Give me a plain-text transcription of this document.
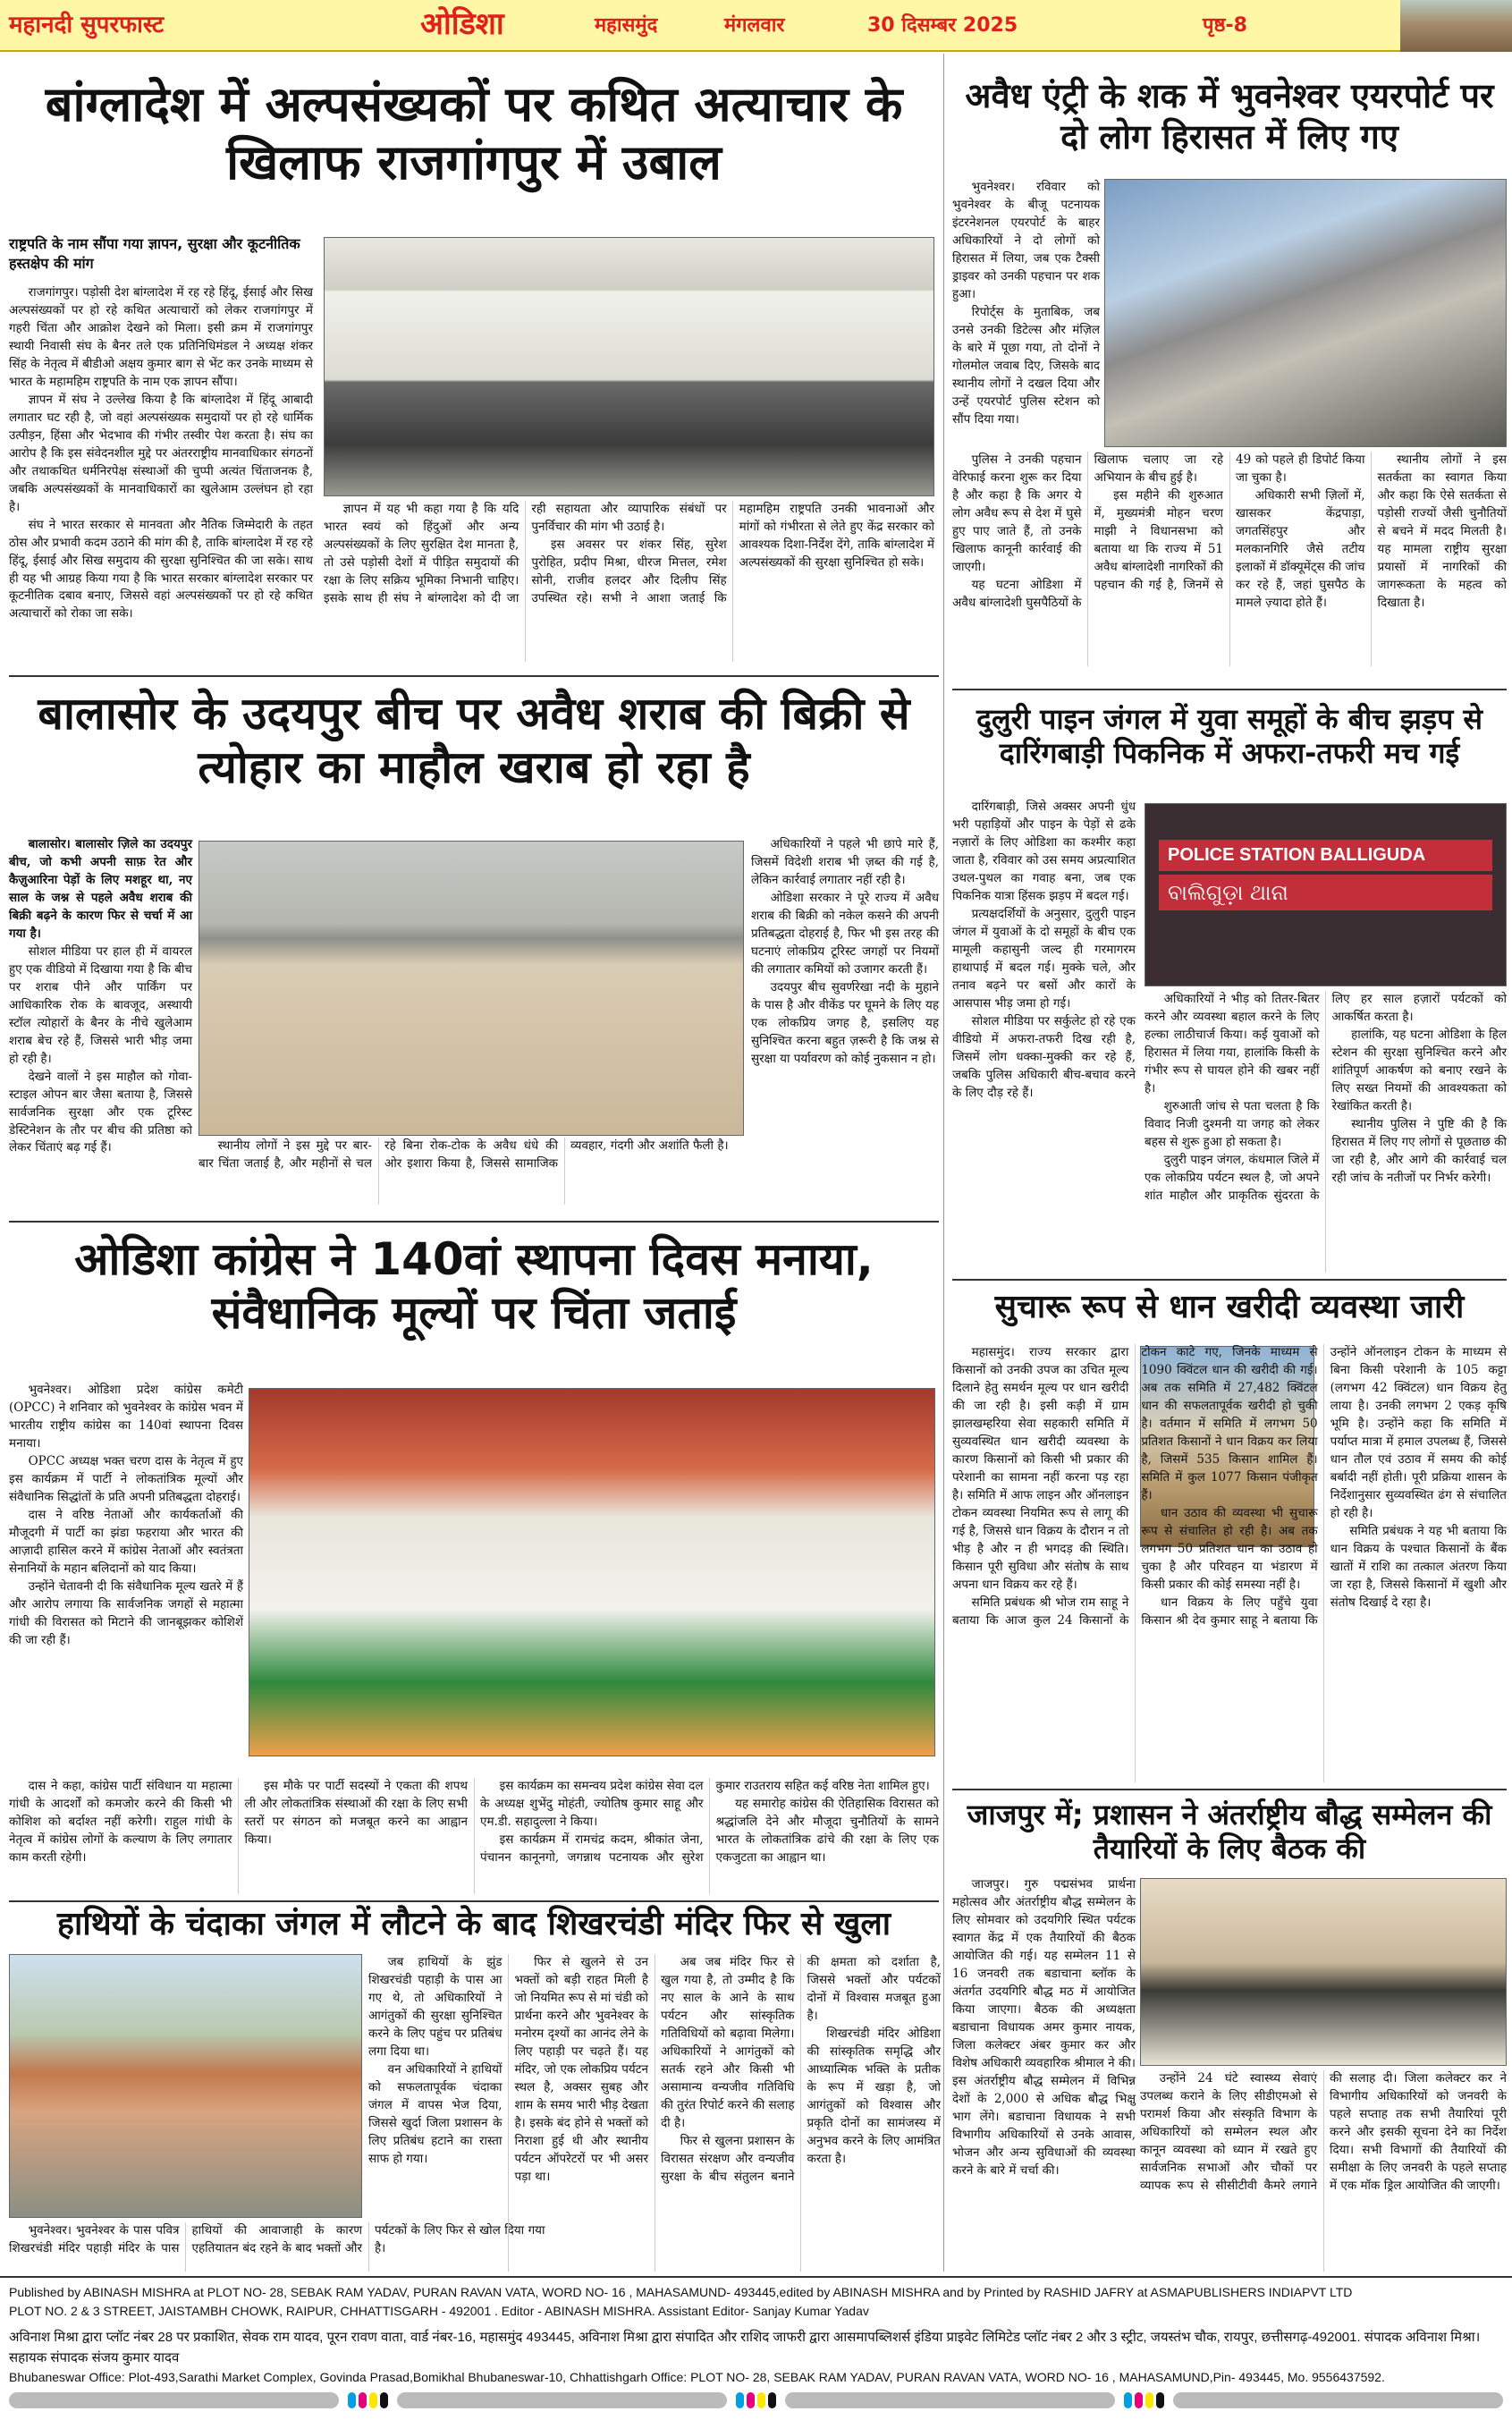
महानदी सुपरफास्ट	ओडिशा	महासमुंद	मंगलवार	30 दिसम्बर 2025	पृष्ठ-8
बांग्लादेश में अल्पसंख्यकों पर कथित अत्याचार के खिलाफ राजगांगपुर में उबाल
राष्ट्रपति के नाम सौंपा गया ज्ञापन, सुरक्षा और कूटनीतिक हस्तक्षेप की मांग

राजगांगपुर। पड़ोसी देश बांग्लादेश में रह रहे हिंदू, ईसाई और सिख अल्पसंख्यकों पर हो रहे कथित अत्याचारों को लेकर राजगांगपुर में गहरी चिंता और आक्रोश देखने को मिला। इसी क्रम में राजगांगपुर स्थायी निवासी संघ के बैनर तले एक प्रतिनिधिमंडल ने अध्यक्ष शंकर सिंह के नेतृत्व में बीडीओ अक्षय कुमार बाग से भेंट कर उनके माध्यम से भारत के महामहिम राष्ट्रपति के नाम एक ज्ञापन सौंपा।

ज्ञापन में संघ ने उल्लेख किया है कि बांग्लादेश में हिंदू आबादी लगातार घट रही है, जो वहां अल्पसंख्यक समुदायों पर हो रहे धार्मिक उत्पीड़न, हिंसा और भेदभाव की गंभीर तस्वीर पेश करता है। संघ का आरोप है कि इस संवेदनशील मुद्दे पर अंतरराष्ट्रीय मानवाधिकार संगठनों और तथाकथित धर्मनिरपेक्ष संस्थाओं की चुप्पी अत्यंत चिंताजनक है, जबकि अल्पसंख्यकों के मानवाधिकारों का खुलेआम उल्लंघन हो रहा है।

संघ ने भारत सरकार से मानवता और नैतिक जिम्मेदारी के तहत ठोस और प्रभावी कदम उठाने की मांग की है, ताकि बांग्लादेश में रह रहे हिंदू, ईसाई और सिख समुदाय की सुरक्षा सुनिश्चित की जा सके। साथ ही यह भी आग्रह किया गया है कि भारत सरकार बांग्लादेश सरकार पर कूटनीतिक दबाव बनाए, जिससे वहां अल्पसंख्यकों पर हो रहे कथित अत्याचारों को रोका जा सके।

ज्ञापन में यह भी कहा गया है कि यदि भारत स्वयं को हिंदुओं और अन्य अल्पसंख्यकों के लिए सुरक्षित देश मानता है, तो उसे पड़ोसी देशों में पीड़ित समुदायों की रक्षा के लिए सक्रिय भूमिका निभानी चाहिए। इसके साथ ही संघ ने बांग्लादेश को दी जा रही सहायता और व्यापारिक संबंधों पर पुनर्विचार की मांग भी उठाई है।

इस अवसर पर शंकर सिंह, सुरेश पुरोहित, प्रदीप मिश्रा, धीरज मित्तल, रमेश सोनी, राजीव हलदर और दिलीप सिंह उपस्थित रहे। सभी ने आशा जताई कि महामहिम राष्ट्रपति उनकी भावनाओं और मांगों को गंभीरता से लेते हुए केंद्र सरकार को आवश्यक दिशा-निर्देश देंगे, ताकि बांग्लादेश में अल्पसंख्यकों की सुरक्षा सुनिश्चित हो सके।

अवैध एंट्री के शक में भुवनेश्वर एयरपोर्ट पर दो लोग हिरासत में लिए गए

भुवनेश्वर। रविवार को भुवनेश्वर के बीजू पटनायक इंटरनेशनल एयरपोर्ट के बाहर अधिकारियों ने दो लोगों को हिरासत में लिया, जब एक टैक्सी ड्राइवर को उनकी पहचान पर शक हुआ।

रिपोर्ट्स के मुताबिक, जब उनसे उनकी डिटेल्स और मंज़िल के बारे में पूछा गया, तो दोनों ने गोलमोल जवाब दिए, जिसके बाद स्थानीय लोगों ने दखल दिया और उन्हें एयरपोर्ट पुलिस स्टेशन को सौंप दिया गया।

पुलिस ने उनकी पहचान वेरिफाई करना शुरू कर दिया है और कहा है कि अगर ये लोग अवैध रूप से देश में घुसे हुए पाए जाते हैं, तो उनके खिलाफ कानूनी कार्रवाई की जाएगी।

यह घटना ओडिशा में अवैध बांग्लादेशी घुसपैठियों के खिलाफ चलाए जा रहे अभियान के बीच हुई है।

इस महीने की शुरुआत में, मुख्यमंत्री मोहन चरण माझी ने विधानसभा को बताया था कि राज्य में 51 अवैध बांग्लादेशी नागरिकों की पहचान की गई है, जिनमें से 49 को पहले ही डिपोर्ट किया जा चुका है।

अधिकारी सभी ज़िलों में, खासकर केंद्रपाड़ा, जगतसिंहपुर और मलकानगिरि जैसे तटीय इलाकों में डॉक्यूमेंट्स की जांच कर रहे हैं, जहां घुसपैठ के मामले ज़्यादा होते हैं।

स्थानीय लोगों ने इस सतर्कता का स्वागत किया और कहा कि ऐसे सतर्कता से पड़ोसी राज्यों जैसी चुनौतियों से बचने में मदद मिलती है। यह मामला राष्ट्रीय सुरक्षा प्रयासों में नागरिकों की जागरूकता के महत्व को दिखाता है।

बालासोर के उदयपुर बीच पर अवैध शराब की बिक्री से त्योहार का माहौल खराब हो रहा है

बालासोर। बालासोर ज़िले का उदयपुर बीच, जो कभी अपनी साफ़ रेत और कैज़ुआरिना पेड़ों के लिए मशहूर था, नए साल के जश्न से पहले अवैध शराब की बिक्री बढ़ने के कारण फिर से चर्चा में आ गया है।

सोशल मीडिया पर हाल ही में वायरल हुए एक वीडियो में दिखाया गया है कि बीच पर शराब पीने और पार्किंग पर आधिकारिक रोक के बावजूद, अस्थायी स्टॉल त्योहारों के बैनर के नीचे खुलेआम शराब बेच रहे हैं, जिससे भारी भीड़ जमा हो रही है।

देखने वालों ने इस माहौल को गोवा-स्टाइल ओपन बार जैसा बताया है, जिससे सार्वजनिक सुरक्षा और एक टूरिस्ट डेस्टिनेशन के तौर पर बीच की प्रतिष्ठा को लेकर चिंताएं बढ़ गई हैं।	स्थानीय लोगों ने इस मुद्दे पर बार-बार चिंता जताई है, और महीनों से चल रहे बिना रोक-टोक के अवैध धंधे की ओर इशारा किया है, जिससे सामाजिक व्यवहार, गंदगी और अशांति फैली है।

अधिकारियों ने पहले भी छापे मारे हैं, जिसमें विदेशी शराब भी ज़ब्त की गई है, लेकिन कार्रवाई लगातार नहीं रही है।

ओडिशा सरकार ने पूरे राज्य में अवैध शराब की बिक्री को नकेल कसने की अपनी प्रतिबद्धता दोहराई है, फिर भी इस तरह की घटनाएं लोकप्रिय टूरिस्ट जगहों पर नियमों की लगातार कमियों को उजागर करती हैं।

उदयपुर बीच सुवर्णरेखा नदी के मुहाने के पास है और वीकेंड पर घूमने के लिए यह एक लोकप्रिय जगह है, इसलिए यह सुनिश्चित करना बहुत ज़रूरी है कि जश्न से सुरक्षा या पर्यावरण को कोई नुकसान न हो।

दुलुरी पाइन जंगल में युवा समूहों के बीच झड़प से दारिंगबाड़ी पिकनिक में अफरा-तफरी मच गई
POLICE STATION BALLIGUDA
ବାଲିଗୁଡ଼ା ଥାନା

दारिंगबाड़ी, जिसे अक्सर अपनी धुंध भरी पहाड़ियों और पाइन के पेड़ों से ढके नज़ारों के लिए ओडिशा का कश्मीर कहा जाता है, रविवार को उस समय अप्रत्याशित उथल-पुथल का गवाह बना, जब एक पिकनिक यात्रा हिंसक झड़प में बदल गई।

प्रत्यक्षदर्शियों के अनुसार, दुलुरी पाइन जंगल में युवाओं के दो समूहों के बीच एक मामूली कहासुनी जल्द ही गरमागरम हाथापाई में बदल गई। मुक्के चले, और तनाव बढ़ने पर बसों और कारों के आसपास भीड़ जमा हो गई।

सोशल मीडिया पर सर्कुलेट हो रहे एक वीडियो में अफरा-तफरी दिख रही है, जिसमें लोग धक्का-मुक्की कर रहे हैं, जबकि पुलिस अधिकारी बीच-बचाव करने के लिए दौड़ रहे हैं।

अधिकारियों ने भीड़ को तितर-बितर करने और व्यवस्था बहाल करने के लिए हल्का लाठीचार्ज किया। कई युवाओं को हिरासत में लिया गया, हालांकि किसी के गंभीर रूप से घायल होने की खबर नहीं है।

शुरुआती जांच से पता चलता है कि विवाद निजी दुश्मनी या जगह को लेकर बहस से शुरू हुआ हो सकता है।

दुलुरी पाइन जंगल, कंधमाल जिले में एक लोकप्रिय पर्यटन स्थल है, जो अपने शांत माहौल और प्राकृतिक सुंदरता के लिए हर साल हज़ारों पर्यटकों को आकर्षित करता है।

हालांकि, यह घटना ओडिशा के हिल स्टेशन की सुरक्षा सुनिश्चित करने और शांतिपूर्ण आकर्षण को बनाए रखने के लिए सख्त नियमों की आवश्यकता को रेखांकित करती है।

स्थानीय पुलिस ने पुष्टि की है कि हिरासत में लिए गए लोगों से पूछताछ की जा रही है, और आगे की कार्रवाई चल रही जांच के नतीजों पर निर्भर करेगी।

ओडिशा कांग्रेस ने 140वां स्थापना दिवस मनाया, संवैधानिक मूल्यों पर चिंता जताई

भुवनेश्वर। ओडिशा प्रदेश कांग्रेस कमेटी (OPCC) ने शनिवार को भुवनेश्वर के कांग्रेस भवन में भारतीय राष्ट्रीय कांग्रेस का 140वां स्थापना दिवस मनाया।

OPCC अध्यक्ष भक्त चरण दास के नेतृत्व में हुए इस कार्यक्रम में पार्टी ने लोकतांत्रिक मूल्यों और संवैधानिक सिद्धांतों के प्रति अपनी प्रतिबद्धता दोहराई।

दास ने वरिष्ठ नेताओं और कार्यकर्ताओं की मौजूदगी में पार्टी का झंडा फहराया और भारत की आज़ादी हासिल करने में कांग्रेस नेताओं और स्वतंत्रता सेनानियों के महान बलिदानों को याद किया।

उन्होंने चेतावनी दी कि संवैधानिक मूल्य खतरे में हैं और आरोप लगाया कि सार्वजनिक जगहों से महात्मा गांधी की विरासत को मिटाने की जानबूझकर कोशिशें की जा रही हैं।

दास ने कहा, कांग्रेस पार्टी संविधान या महात्मा गांधी के आदर्शों को कमजोर करने की किसी भी कोशिश को बर्दाश्त नहीं करेगी। राहुल गांधी के नेतृत्व में कांग्रेस लोगों के कल्याण के लिए लगातार काम करती रहेगी।

इस मौके पर पार्टी सदस्यों ने एकता की शपथ ली और लोकतांत्रिक संस्थाओं की रक्षा के लिए सभी स्तरों पर संगठन को मजबूत करने का आह्वान किया।

इस कार्यक्रम का समन्वय प्रदेश कांग्रेस सेवा दल के अध्यक्ष शुभेंदु मोहंती, ज्योतिष कुमार साहू और एम.डी. सहादुल्ला ने किया।

इस कार्यक्रम में रामचंद्र कदम, श्रीकांत जेना, पंचानन कानूनगो, जगन्नाथ पटनायक और सुरेश कुमार राउतराय सहित कई वरिष्ठ नेता शामिल हुए।

यह समारोह कांग्रेस की ऐतिहासिक विरासत को श्रद्धांजलि देने और मौजूदा चुनौतियों के सामने भारत के लोकतांत्रिक ढांचे की रक्षा के लिए एक एकजुटता का आह्वान था।

सुचारू रूप से धान खरीदी व्यवस्था जारी

महासमुंद। राज्य सरकार द्वारा किसानों को उनकी उपज का उचित मूल्य दिलाने हेतु समर्थन मूल्य पर धान खरीदी की जा रही है। इसी कड़ी में ग्राम झालखम्हरिया सेवा सहकारी समिति में सुव्यवस्थित धान खरीदी व्यवस्था के कारण किसानों को किसी भी प्रकार की परेशानी का सामना नहीं करना पड़ रहा है। समिति में आफ लाइन और ऑनलाइन टोकन व्यवस्था नियमित रूप से लागू की गई है, जिससे धान विक्रय के दौरान न तो भीड़ है और न ही भगदड़ की स्थिति। किसान पूरी सुविधा और संतोष के साथ अपना धान विक्रय कर रहे हैं।

समिति प्रबंधक श्री भोज राम साहू ने बताया कि आज कुल 24 किसानों के टोकन काटे गए, जिनके माध्यम से 1090 क्विंटल धान की खरीदी की गई। अब तक समिति में 27,482 क्विंटल धान की सफलतापूर्वक खरीदी हो चुकी है। वर्तमान में समिति में लगभग 50 प्रतिशत किसानों ने धान विक्रय कर लिया है, जिसमें 535 किसान शामिल हैं। समिति में कुल 1077 किसान पंजीकृत हैं।

धान उठाव की व्यवस्था भी सुचारू रूप से संचालित हो रही है। अब तक लगभग 50 प्रतिशत धान का उठाव हो चुका है और परिवहन या भंडारण में किसी प्रकार की कोई समस्या नहीं है।

धान विक्रय के लिए पहुँचे युवा किसान श्री देव कुमार साहू ने बताया कि उन्होंने ऑनलाइन टोकन के माध्यम से बिना किसी परेशानी के 105 कट्टा (लगभग 42 क्विंटल) धान विक्रय हेतु लाया है। उनकी लगभग 2 एकड़ कृषि भूमि है। उन्होंने कहा कि समिति में पर्याप्त मात्रा में हमाल उपलब्ध हैं, जिससे धान तौल एवं उठाव में समय की कोई बर्बादी नहीं होती। पूरी प्रक्रिया शासन के निर्देशानुसार सुव्यवस्थित ढंग से संचालित हो रही है।

समिति प्रबंधक ने यह भी बताया कि धान विक्रय के पश्चात किसानों के बैंक खातों में राशि का तत्काल अंतरण किया जा रहा है, जिससे किसानों में खुशी और संतोष दिखाई दे रहा है।

जाजपुर में; प्रशासन ने अंतर्राष्ट्रीय बौद्ध सम्मेलन की तैयारियों के लिए बैठक की

जाजपुर। गुरु पद्मसंभव प्रार्थना महोत्सव और अंतर्राष्ट्रीय बौद्ध सम्मेलन के लिए सोमवार को उदयगिरि स्थित पर्यटक स्वागत केंद्र में एक तैयारियों की बैठक आयोजित की गई। यह सम्मेलन 11 से 16 जनवरी तक बडाचाना ब्लॉक के अंतर्गत उदयगिरि बौद्ध मठ में आयोजित किया जाएगा। बैठक की अध्यक्षता बडाचाना विधायक अमर कुमार नायक, जिला कलेक्टर अंबर कुमार कर और विशेष अधिकारी व्यवहारिक श्रीमाल ने की। इस अंतर्राष्ट्रीय बौद्ध सम्मेलन में विभिन्न देशों के 2,000 से अधिक बौद्ध भिक्षु भाग लेंगे। बडाचाना विधायक ने सभी विभागीय अधिकारियों से उनके आवास, भोजन और अन्य सुविधाओं की व्यवस्था करने के बारे में चर्चा की।

उन्होंने 24 घंटे स्वास्थ्य सेवाएं उपलब्ध कराने के लिए सीडीएमओ से परामर्श किया और संस्कृति विभाग के अधिकारियों को सम्मेलन स्थल और कानून व्यवस्था को ध्यान में रखते हुए सार्वजनिक सभाओं और चौकों पर व्यापक रूप से सीसीटीवी कैमरे लगाने की सलाह दी। जिला कलेक्टर कर ने विभागीय अधिकारियों को जनवरी के पहले सप्ताह तक सभी तैयारियां पूरी करने और इसकी सूचना देने का निर्देश दिया। सभी विभागों की तैयारियों की समीक्षा के लिए जनवरी के पहले सप्ताह में एक मॉक ड्रिल आयोजित की जाएगी।

हाथियों के चंदाका जंगल में लौटने के बाद शिखरचंडी मंदिर फिर से खुला

भुवनेश्वर। भुवनेश्वर के पास पवित्र शिखरचंडी मंदिर पहाड़ी मंदिर के पास हाथियों की आवाजाही के कारण एहतियातन बंद रहने के बाद भक्तों और पर्यटकों के लिए फिर से खोल दिया गया है।

जब हाथियों के झुंड शिखरचंडी पहाड़ी के पास आ गए थे, तो अधिकारियों ने आगंतुकों की सुरक्षा सुनिश्चित करने के लिए पहुंच पर प्रतिबंध लगा दिया था।

वन अधिकारियों ने हाथियों को सफलतापूर्वक चंदाका जंगल में वापस भेज दिया, जिससे खुर्दा जिला प्रशासन के लिए प्रतिबंध हटाने का रास्ता साफ हो गया।

फिर से खुलने से उन भक्तों को बड़ी राहत मिली है जो नियमित रूप से मां चंडी को प्रार्थना करने और भुवनेश्वर के मनोरम दृश्यों का आनंद लेने के लिए पहाड़ी पर चढ़ते हैं। यह मंदिर, जो एक लोकप्रिय पर्यटन स्थल है, अक्सर सुबह और शाम के समय भारी भीड़ देखता है। इसके बंद होने से भक्तों को निराशा हुई थी और स्थानीय पर्यटन ऑपरेटरों पर भी असर पड़ा था।

अब जब मंदिर फिर से खुल गया है, तो उम्मीद है कि नए साल के आने के साथ पर्यटन और सांस्कृतिक गतिविधियों को बढ़ावा मिलेगा। अधिकारियों ने आगंतुकों को सतर्क रहने और किसी भी असामान्य वन्यजीव गतिविधि की तुरंत रिपोर्ट करने की सलाह दी है।

फिर से खुलना प्रशासन के विरासत संरक्षण और वन्यजीव सुरक्षा के बीच संतुलन बनाने की क्षमता को दर्शाता है, जिससे भक्तों और पर्यटकों दोनों में विश्वास मजबूत हुआ है।

शिखरचंडी मंदिर ओडिशा की सांस्कृतिक समृद्धि और आध्यात्मिक भक्ति के प्रतीक के रूप में खड़ा है, जो आगंतुकों को विश्वास और प्रकृति दोनों का सामंजस्य में अनुभव करने के लिए आमंत्रित करता है।

Published by ABINASH MISHRA at PLOT NO- 28, SEBAK RAM YADAV, PURAN RAVAN VATA, WORD NO- 16 , MAHASAMUND- 493445,edited by ABINASH MISHRA and by Printed by RASHID JAFRY at ASMAPUBLISHERS INDIAPVT LTD
PLOT NO. 2 & 3 STREET, JAISTAMBH CHOWK, RAIPUR, CHHATTISGARH - 492001 . Editor - ABINASH MISHRA. Assistant Editor- Sanjay Kumar Yadav
अविनाश मिश्रा द्वारा प्लॉट नंबर 28 पर प्रकाशित, सेवक राम यादव, पूरन रावण वाता, वार्ड नंबर-16, महासमुंद 493445, अविनाश मिश्रा द्वारा संपादित और राशिद जाफरी द्वारा आसमापब्लिशर्स इंडिया प्राइवेट लिमिटेड प्लॉट नंबर 2 और 3 स्ट्रीट, जयस्तंभ चौक, रायपुर, छत्तीसगढ़-492001. संपादक अविनाश मिश्रा। सहायक संपादक संजय कुमार यादव
Bhubaneswar Office: Plot-493,Sarathi Market Complex, Govinda Prasad,Bomikhal Bhubaneswar-10, Chhattishgarh Office: PLOT NO- 28, SEBAK RAM YADAV, PURAN RAVAN VATA, WORD NO- 16 , MAHASAMUND,Pin- 493445, Mo. 9556437592.
